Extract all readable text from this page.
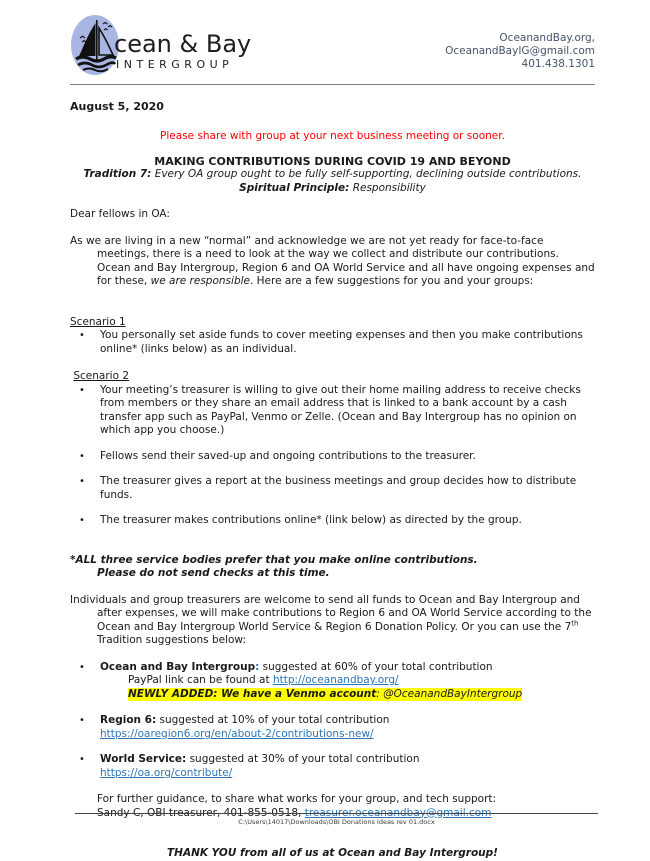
cean & Bay
INTERGROUP
OceanandBay.org,
OceanandBayIG@gmail.com
401.438.1301
August 5, 2020
Please share with group at your next business meeting or sooner.
MAKING CONTRIBUTIONS DURING COVID 19 AND BEYOND
Tradition 7: Every OA group ought to be fully self-supporting, declining outside contributions.
Spiritual Principle: Responsibility
Dear fellows in OA:
As we are living in a new “normal” and acknowledge we are not yet ready for face-to-face meetings, there is a need to look at the way we collect and distribute our contributions. Ocean and Bay Intergroup, Region 6 and OA World Service and all have ongoing expenses and for these, we are responsible. Here are a few suggestions for you and your groups:
Scenario 1
•	You personally set aside funds to cover meeting expenses and then you make contributions online* (links below) as an individual.
Scenario 2
•	Your meeting’s treasurer is willing to give out their home mailing address to receive checks from members or they share an email address that is linked to a bank account by a cash transfer app such as PayPal, Venmo or Zelle. (Ocean and Bay Intergroup has no opinion on which app you choose.)
•	Fellows send their saved-up and ongoing contributions to the treasurer.
•	The treasurer gives a report at the business meetings and group decides how to distribute funds.
•	The treasurer makes contributions online* (link below) as directed by the group.
*ALL three service bodies prefer that you make online contributions.
Please do not send checks at this time.
Individuals and group treasurers are welcome to send all funds to Ocean and Bay Intergroup and after expenses, we will make contributions to Region 6 and OA World Service according to the Ocean and Bay Intergroup World Service & Region 6 Donation Policy. Or you can use the 7th Tradition suggestions below:
•	Ocean and Bay Intergroup: suggested at 60% of your total contribution
PayPal link can be found at http://oceanandbay.org/
NEWLY ADDED: We have a Venmo account: @OceanandBayIntergroup
•	Region 6: suggested at 10% of your total contribution
https://oaregion6.org/en/about-2/contributions-new/
•	World Service: suggested at 30% of your total contribution
https://oa.org/contribute/
For further guidance, to share what works for your group, and tech support:
Sandy C, OBI treasurer, 401-855-0518, treasurer.oceanandbay@gmail.com
THANK YOU from all of us at Ocean and Bay Intergroup!
C:\Users\14017\Downloads\OBI Donations Ideas rev 01.docx
